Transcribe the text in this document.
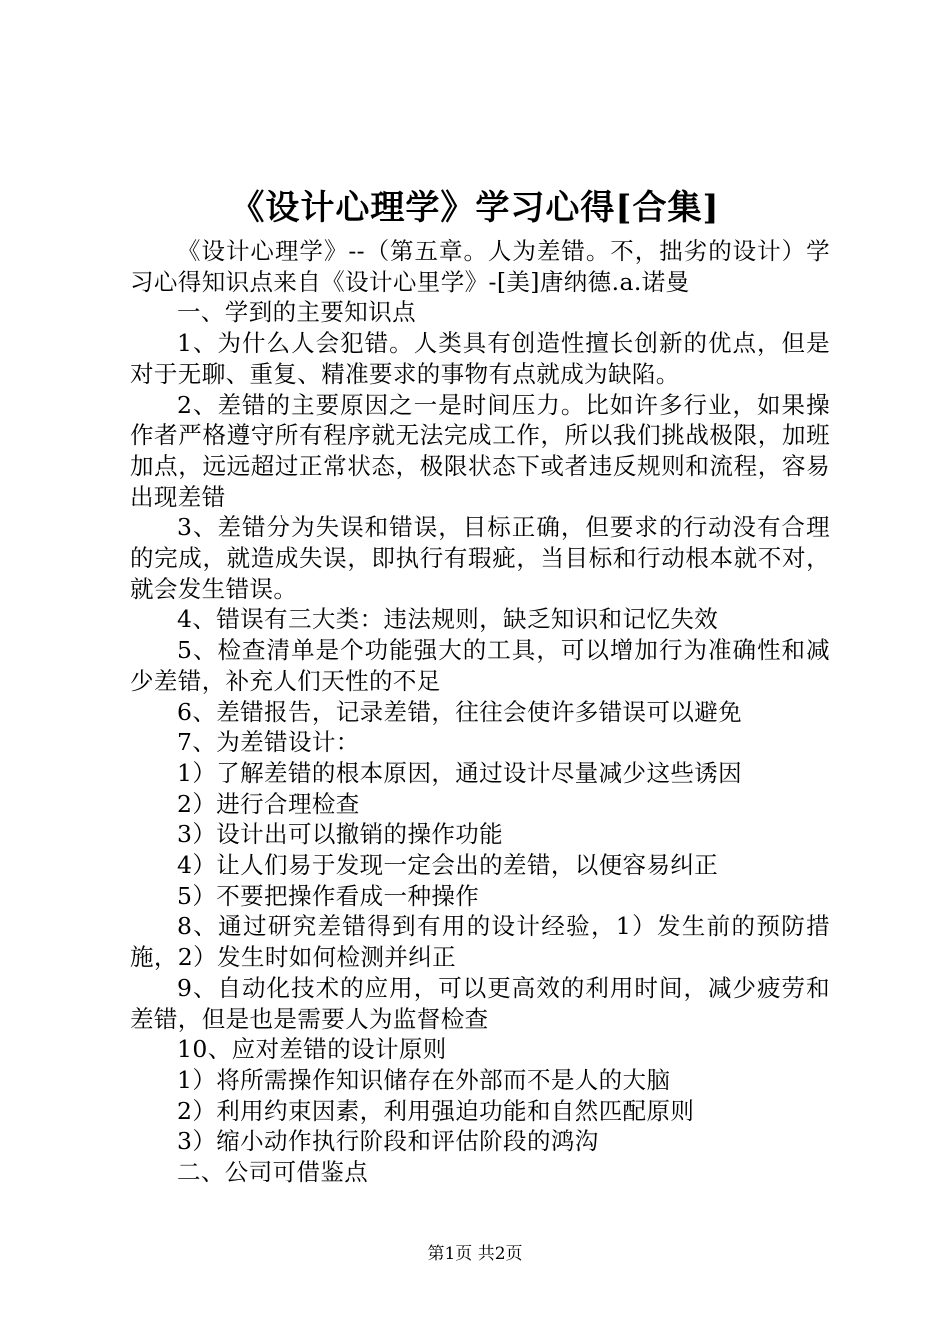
《设计心理学》学习心得[合集]

《设计心理学》--（第五章。人为差错。不，拙劣的设计）学习心得知识点来自《设计心里学》-[美]唐纳德.a.诺曼

一、学到的主要知识点

1、为什么人会犯错。人类具有创造性擅长创新的优点，但是对于无聊、重复、精准要求的事物有点就成为缺陷。

2、差错的主要原因之一是时间压力。比如许多行业，如果操作者严格遵守所有程序就无法完成工作，所以我们挑战极限，加班加点，远远超过正常状态，极限状态下或者违反规则和流程，容易出现差错

3、差错分为失误和错误，目标正确，但要求的行动没有合理的完成，就造成失误，即执行有瑕疵，当目标和行动根本就不对，就会发生错误。

4、错误有三大类：违法规则，缺乏知识和记忆失效

5、检查清单是个功能强大的工具，可以增加行为准确性和减少差错，补充人们天性的不足

6、差错报告，记录差错，往往会使许多错误可以避免

7、为差错设计：

1）了解差错的根本原因，通过设计尽量减少这些诱因

2）进行合理检查

3）设计出可以撤销的操作功能

4）让人们易于发现一定会出的差错，以便容易纠正

5）不要把操作看成一种操作

8、通过研究差错得到有用的设计经验，1）发生前的预防措施，2）发生时如何检测并纠正

9、自动化技术的应用，可以更高效的利用时间，减少疲劳和差错，但是也是需要人为监督检查

10、应对差错的设计原则

1）将所需操作知识储存在外部而不是人的大脑

2）利用约束因素，利用强迫功能和自然匹配原则

3）缩小动作执行阶段和评估阶段的鸿沟

二、公司可借鉴点

第1页 共2页
